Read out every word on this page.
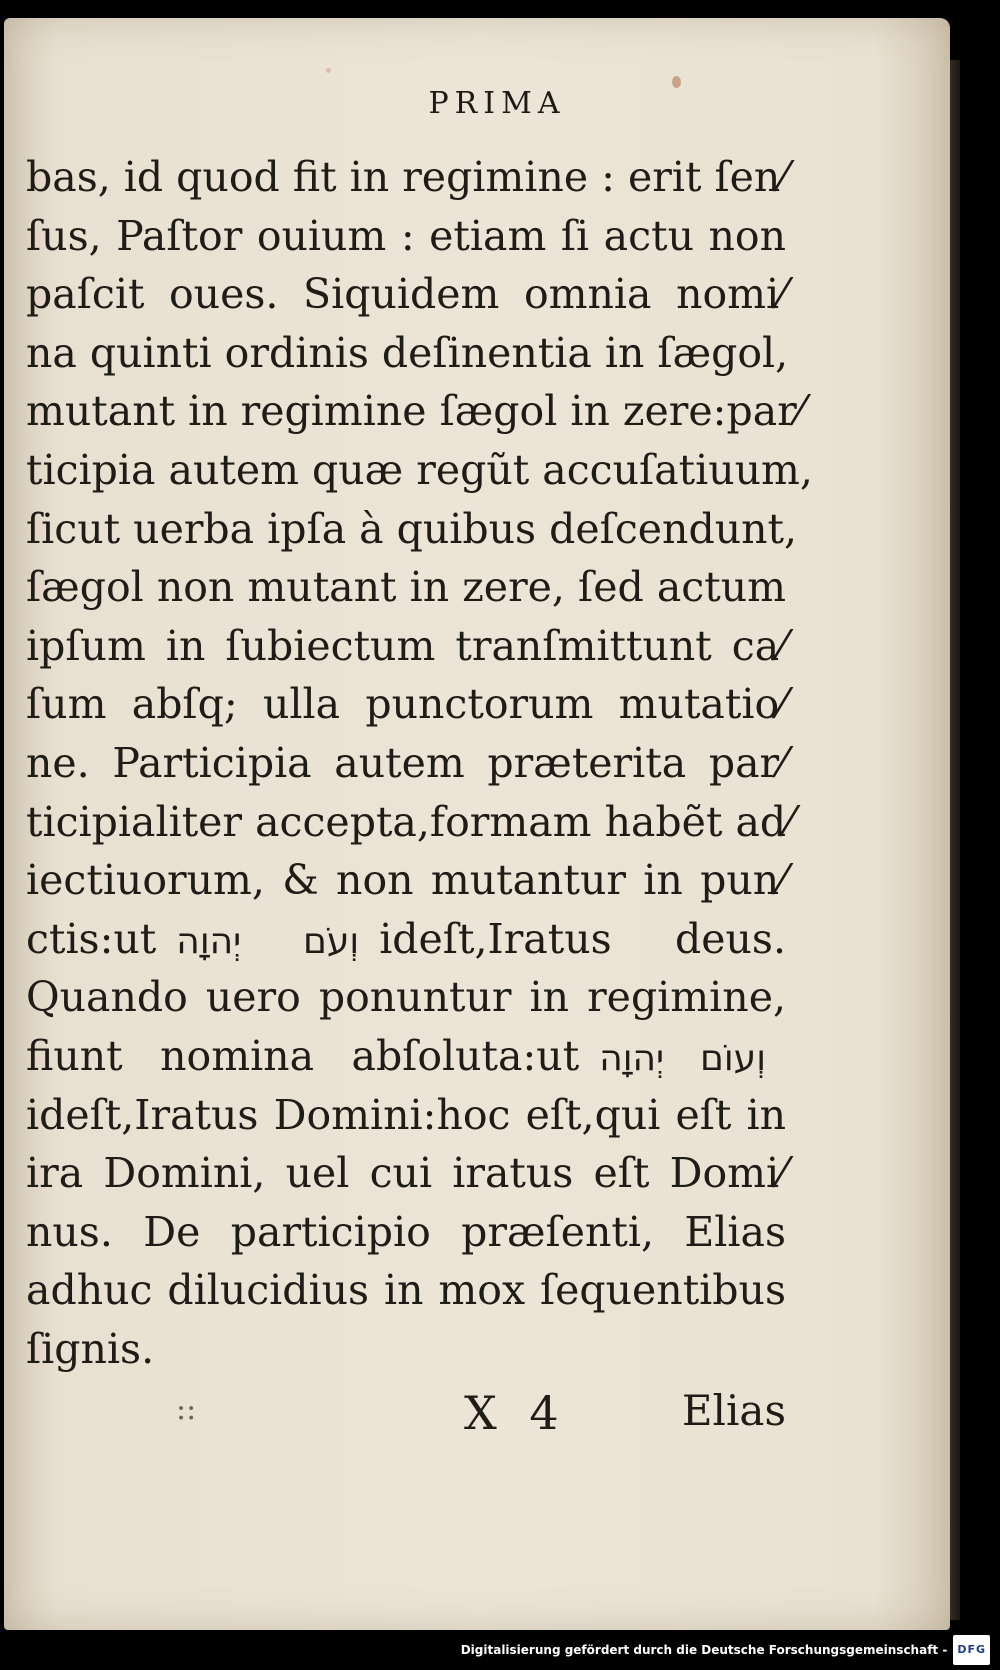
PRIMA
bas, id quod fit in regimine : erit ſen⁄
ſus, Paſtor ouium : etiam ſi actu non
paſcit oues. Siquidem omnia nomi⁄
na quinti ordinis deſinentia in ſægol,
mutant in regimine ſægol in zere:par⁄
ticipia autem quæ regũt accuſatiuum,
ſicut uerba ipſa à quibus deſcendunt,
ſægol non mutant in zere, ſed actum
ipſum in ſubiectum tranſmittunt ca⁄
ſum abſq; ulla punctorum mutatio⁄
ne. Participia autem præterita par⁄
ticipialiter accepta,formam habẽt ad⁄
iectiuorum, & non mutantur in pun⁄
ctis:ut וְעֹם יְהוָה ideſt,Iratus deus.
Quando uero ponuntur in regimine,
fiunt nomina abſoluta:ut וְעוֹם יְהוָה
ideſt,Iratus Domini:hoc eſt,qui eſt in
ira Domini, uel cui iratus eſt Domi⁄
nus. De participio præſenti, Elias
adhuc dilucidius in mox ſequentibus
ſignis.
::	X 4	Elias
Digitalisierung gefördert durch die Deutsche Forschungsgemeinschaft - DFG
